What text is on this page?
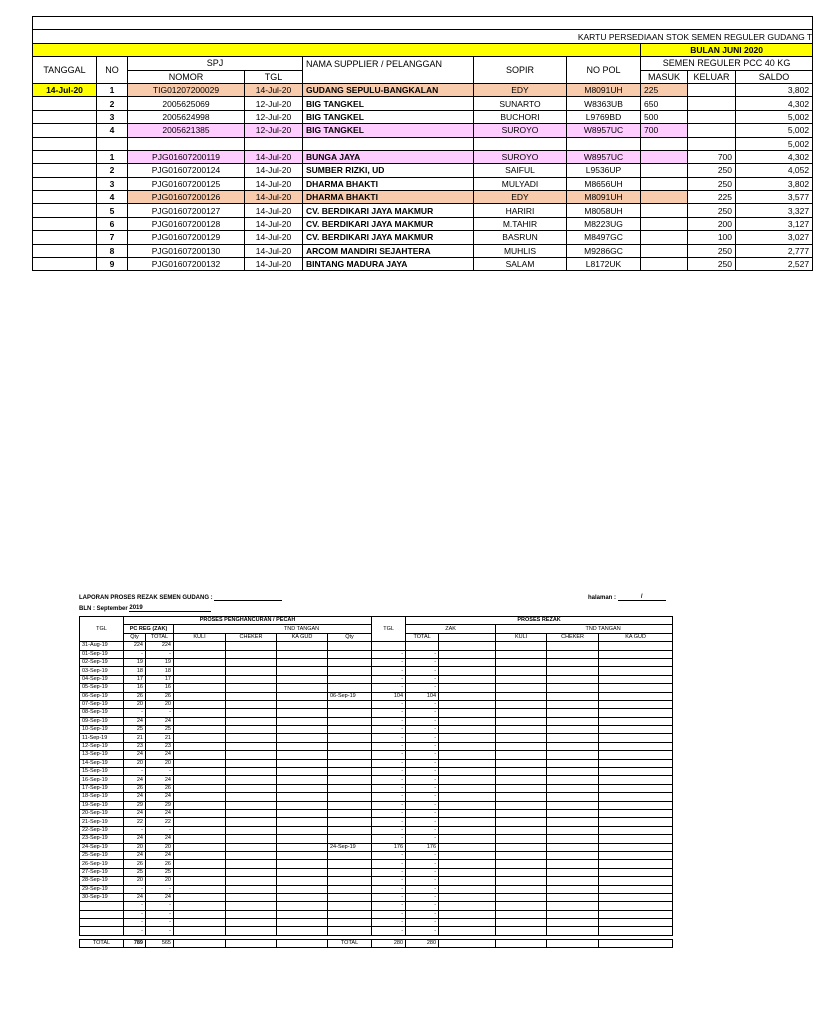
KARTU PERSEDIAAN STOK SEMEN REGULER GUDANG T									
							BULAN JUNI 2020		
TANGGAL	NO	SPJ		NAMA SUPPLIER / PELANGGAN	SOPIR	NO POL	SEMEN REGULER PCC 40 KG		
		NOMOR	TGL				MASUK	KELUAR	SALDO
14-Jul-20	1	TIG01207200029	14-Jul-20	GUDANG SEPULU-BANGKALAN	EDY	M8091UH	225		3,802
	2	2005625069	12-Jul-20	BIG TANGKEL	SUNARTO	W8363UB	650		4,302
	3	2005624998	12-Jul-20	BIG TANGKEL	BUCHORI	L9769BD	500		5,002
	4	2005621385	12-Jul-20	BIG TANGKEL	SUROYO	W8957UC	700		5,002
									5,002
	1	PJG01607200119	14-Jul-20	BUNGA JAYA	SUROYO	W8957UC		700	4,302
	2	PJG01607200124	14-Jul-20	SUMBER RIZKI, UD	SAIFUL	L9536UP		250	4,052
	3	PJG01607200125	14-Jul-20	DHARMA BHAKTI	MULYADI	M8656UH		250	3,802
	4	PJG01607200126	14-Jul-20	DHARMA BHAKTI	EDY	M8091UH		225	3,577
	5	PJG01607200127	14-Jul-20	CV. BERDIKARI JAYA MAKMUR	HARIRI	M8058UH		250	3,327
	6	PJG01607200128	14-Jul-20	CV. BERDIKARI JAYA MAKMUR	M.TAHIR	M8223UG		200	3,127
	7	PJG01607200129	14-Jul-20	CV. BERDIKARI JAYA MAKMUR	BASRUN	M8497GC		100	3,027
	8	PJG01607200130	14-Jul-20	ARCOM MANDIRI SEJAHTERA	MUHLIS	M9286GC		250	2,777
	9	PJG01607200132	14-Jul-20	BINTANG MADURA JAYA	SALAM	L8172UK		250	2,527
LAPORAN PROSES REZAK SEMEN GUDANG :
BLN : September 2019
halaman :	/
TGL	PROSES PENGHANCURAN / PECAH						TGL	PROSES REZAK				
	PC REG (ZAK)		TND TANGAN					ZAK		TND TANGAN		
	Qty	TOTAL	KULI	CHEKER	KA GUD	Qty		TOTAL		KULI	CHEKER	KA GUD
31-Aug-19	224	224										
01-Sep-19	-	-					-	-				
02-Sep-19	19	19					-	-				
03-Sep-19	18	18					-	-				
04-Sep-19	17	17					-	-				
05-Sep-19	16	16					-	-				
06-Sep-19	26	26				06-Sep-19	104	104				
07-Sep-19	20	20					-	-				
08-Sep-19	-	-					-	-				
09-Sep-19	24	24					-	-				
10-Sep-19	25	25					-	-				
11-Sep-19	21	21					-	-				
12-Sep-19	23	23					-	-				
13-Sep-19	24	24					-	-				
14-Sep-19	20	20					-	-				
15-Sep-19	-	-					-	-				
16-Sep-19	24	24					-	-				
17-Sep-19	26	26					-	-				
18-Sep-19	24	24					-	-				
19-Sep-19	29	29					-	-				
20-Sep-19	24	24					-	-				
21-Sep-19	22	22					-	-				
22-Sep-19	-	-					-	-				
23-Sep-19	24	24					-	-				
24-Sep-19	20	20				24-Sep-19	176	176				
25-Sep-19	24	24					-	-				
26-Sep-19	26	26					-	-				
27-Sep-19	25	25					-	-				
28-Sep-19	20	20					-	-				
29-Sep-19	-	-					-	-				
30-Sep-19	24	24					-	-				
	-	-					-	-				
	-	-					-	-				
	-	-					-	-				
	-	-					-	-				

TOTAL	789	565				TOTAL	280	280				
